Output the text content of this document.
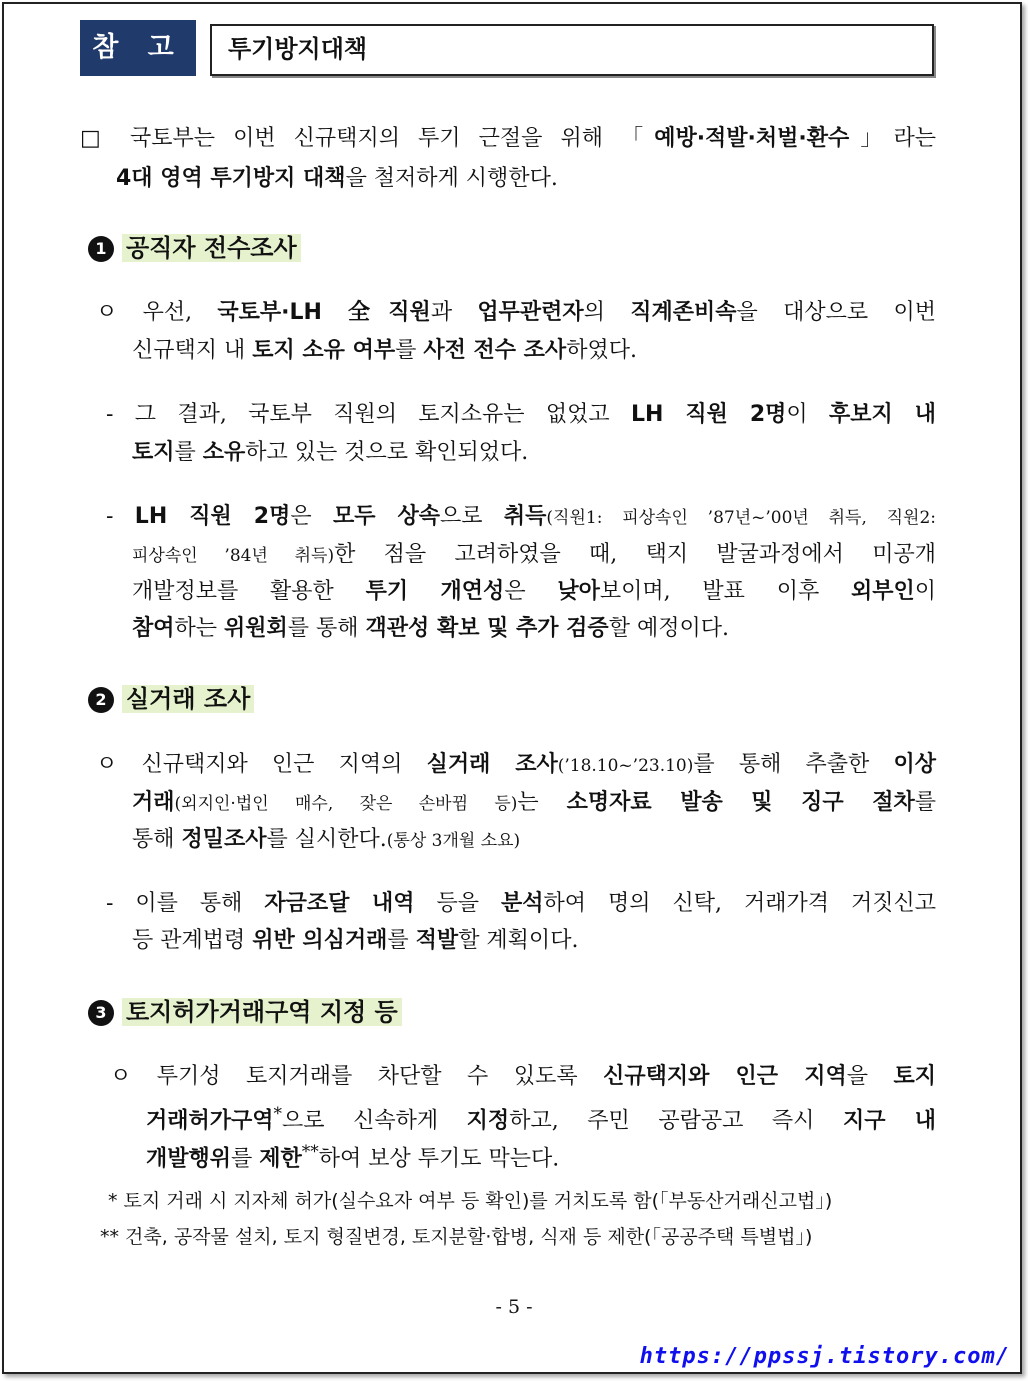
참 고	투기방지대책
□ 국토부는 이번 신규택지의 투기 근절을 위해 「예방·적발·처벌·환수」라는
4대 영역 투기방지 대책을 철저하게 시행한다.
1 공직자 전수조사
ㅇ 우선, 국토부·LH 全직원과 업무관련자의 직계존비속을 대상으로 이번
신규택지 내 토지 소유 여부를 사전 전수 조사하였다.
- 그 결과, 국토부 직원의 토지소유는 없었고 LH 직원 2명이 후보지 내
토지를 소유하고 있는 것으로 확인되었다.
- LH 직원 2명은 모두 상속으로 취득(직원1: 피상속인 ’87년~’00년 취득, 직원2:
피상속인 ’84년 취득)한 점을 고려하였을 때, 택지 발굴과정에서 미공개
개발정보를 활용한 투기 개연성은 낮아보이며, 발표 이후 외부인이
참여하는 위원회를 통해 객관성 확보 및 추가 검증할 예정이다.
2 실거래 조사
ㅇ 신규택지와 인근 지역의 실거래 조사(’18.10~’23.10)를 통해 추출한 이상
거래(외지인·법인 매수, 잦은 손바뀜 등)는 소명자료 발송 및 징구 절차를
통해 정밀조사를 실시한다.(통상 3개월 소요)
- 이를 통해 자금조달 내역 등을 분석하여 명의 신탁, 거래가격 거짓신고
등 관계법령 위반 의심거래를 적발할 계획이다.
3 토지허가거래구역 지정 등
ㅇ 투기성 토지거래를 차단할 수 있도록 신규택지와 인근 지역을 토지
거래허가구역*으로 신속하게 지정하고, 주민 공람공고 즉시 지구 내
개발행위를 제한**하여 보상 투기도 막는다.
* 토지 거래 시 지자체 허가(실수요자 여부 등 확인)를 거치도록 함(「부동산거래신고법」)
** 건축, 공작물 설치, 토지 형질변경, 토지분할·합병, 식재 등 제한(「공공주택 특별법」)
- 5 -
https://ppssj.tistory.com/
